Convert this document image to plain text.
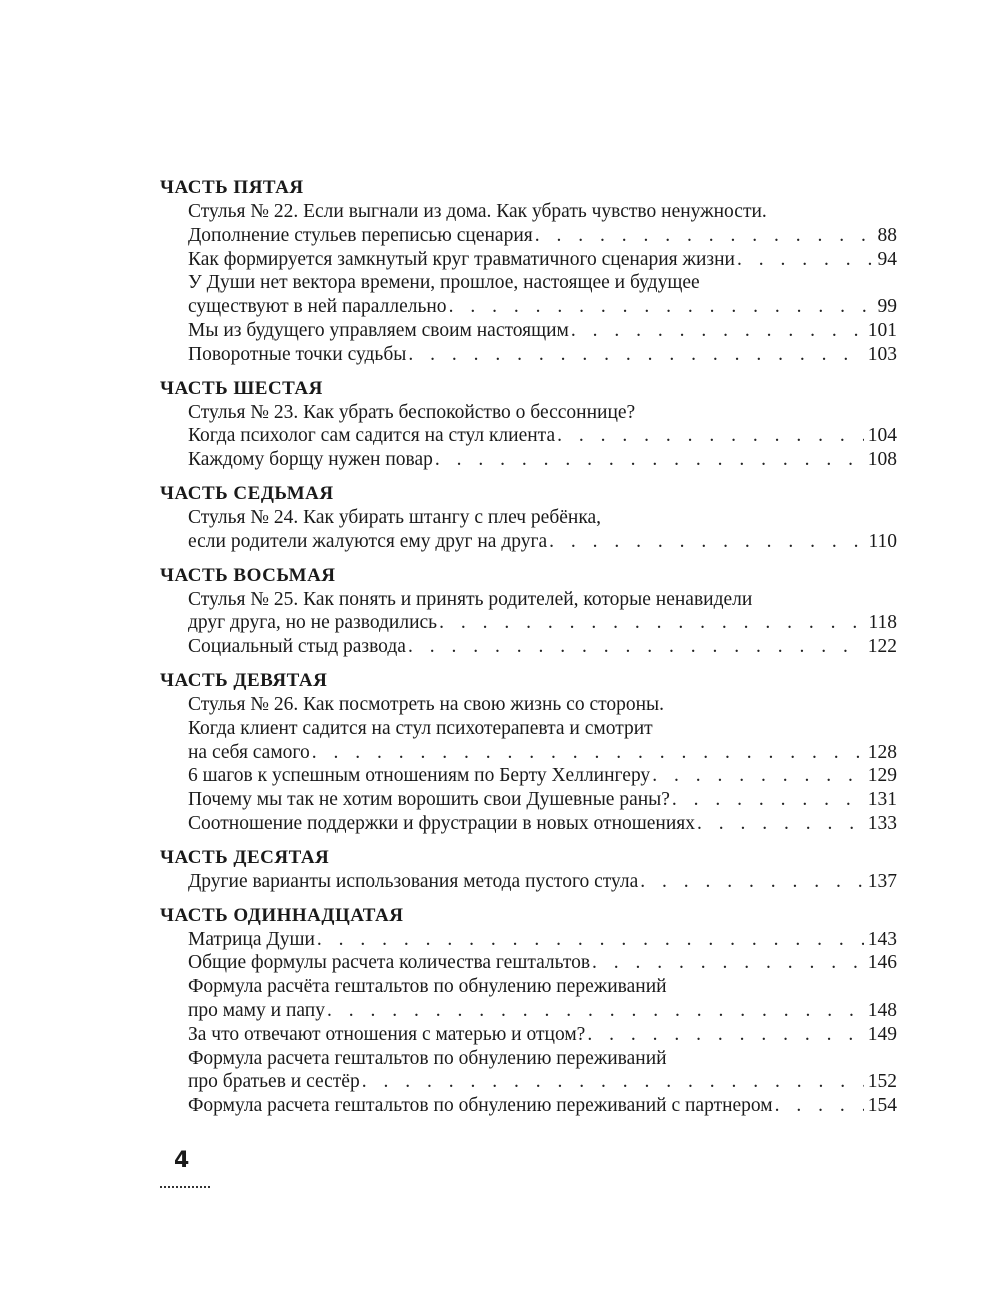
ЧАСТЬ ПЯТАЯ
Стулья № 22. Если выгнали из дома. Как убрать чувство ненужности.
Дополнение стульев переписью сценария . . .	88
Как формируется замкнутый круг травматичного сценария жизни . . .	94
У Души нет вектора времени, прошлое, настоящее и будущее
существуют в ней параллельно . . .	99
Мы из будущего управляем своим настоящим . . .	101
Поворотные точки судьбы . . .	103
ЧАСТЬ ШЕСТАЯ
Стулья № 23. Как убрать беспокойство о бессоннице?
Когда психолог сам садится на стул клиента . . .	104
Каждому борщу нужен повар . . .	108
ЧАСТЬ СЕДЬМАЯ
Стулья № 24. Как убирать штангу с плеч ребёнка,
если родители жалуются ему друг на друга . . .	110
ЧАСТЬ ВОСЬМАЯ
Стулья № 25. Как понять и принять родителей, которые ненавидели
друг друга, но не разводились . . .	118
Социальный стыд развода . . .	122
ЧАСТЬ ДЕВЯТАЯ
Стулья № 26. Как посмотреть на свою жизнь со стороны.
Когда клиент садится на стул психотерапевта и смотрит
на себя самого . . .	128
6 шагов к успешным отношениям по Берту Хеллингеру . . .	129
Почему мы так не хотим ворошить свои Душевные раны? . . .	131
Соотношение поддержки и фрустрации в новых отношениях . . .	133
ЧАСТЬ ДЕСЯТАЯ
Другие варианты использования метода пустого стула . . .	137
ЧАСТЬ ОДИННАДЦАТАЯ
Матрица Души . . .	143
Общие формулы расчета количества гештальтов . . .	146
Формула расчёта гештальтов по обнулению переживаний
про маму и папу . . .	148
За что отвечают отношения с матерью и отцом? . . .	149
Формула расчета гештальтов по обнулению переживаний
про братьев и сестёр . . .	152
Формула расчета гештальтов по обнулению переживаний с партнером . . .	154
4
